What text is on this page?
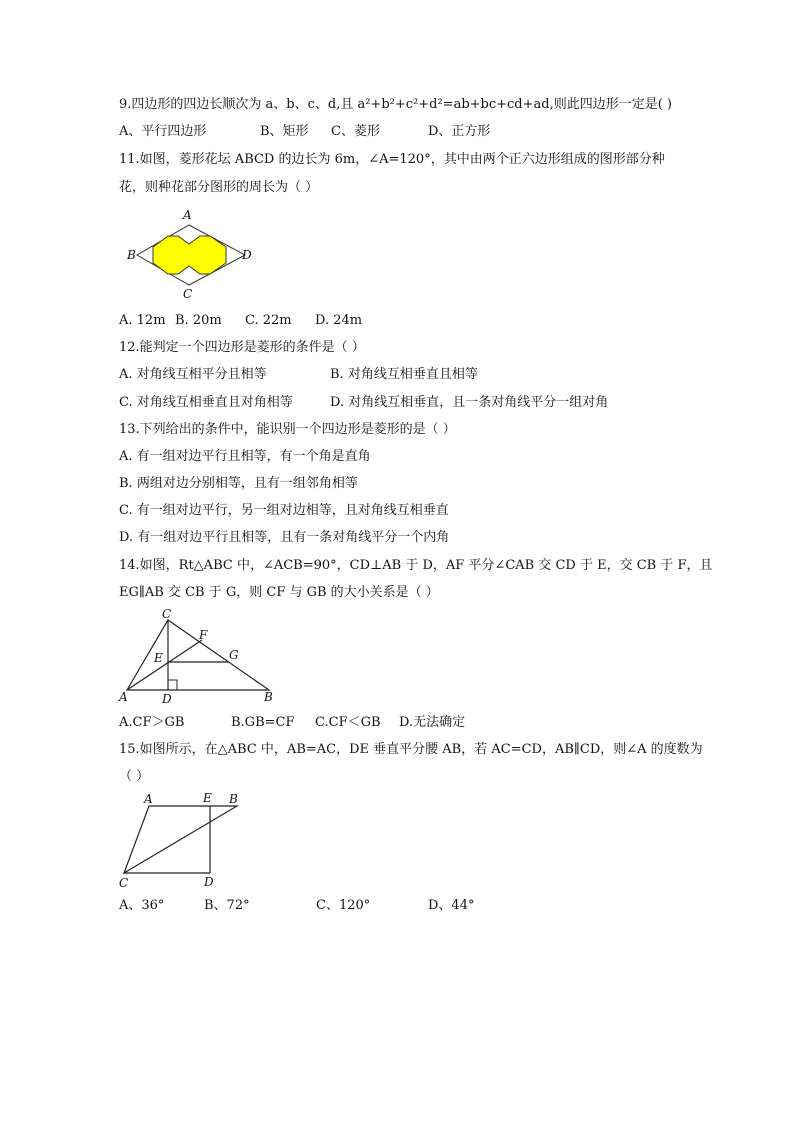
9.四边形的四边长顺次为 a、b、c、d,且 a²+b²+c²+d²=ab+bc+cd+ad,则此四边形一定是( )
A、平行四边形	B、矩形 C、菱形	D、正方形
11.如图，菱形花坛 ABCD 的边长为 6m，∠A=120°，其中由两个正六边形组成的图形部分种
花，则种花部分图形的周长为（ ）
A
B
C
D
A. 12m B. 20m C. 22m D. 24m
12.能判定一个四边形是菱形的条件是（ ）
A. 对角线互相平分且相等	B. 对角线互相垂直且相等
C. 对角线互相垂直且对角相等	D. 对角线互相垂直，且一条对角线平分一组对角
13.下列给出的条件中，能识别一个四边形是菱形的是（ ）
A. 有一组对边平行且相等，有一个角是直角
B. 两组对边分别相等，且有一组邻角相等
C. 有一组对边平行，另一组对边相等，且对角线互相垂直
D. 有一组对边平行且相等，且有一条对角线平分一个内角
14.如图，Rt△ABC 中，∠ACB=90°，CD⊥AB 于 D，AF 平分∠CAB 交 CD 于 E，交 CB 于 F，且
EG∥AB 交 CB 于 G，则 CF 与 GB 的大小关系是（ ）
C
F
E	G
A	D	B
A.CF＞GB	B.GB=CF C.CF＜GB D.无法确定
15.如图所示，在△ABC 中，AB=AC，DE 垂直平分腰 AB，若 AC=CD，AB∥CD，则∠A 的度数为
（ ）
A	E B
C	D
A、36°	B、72°	C、120°	D、44°
